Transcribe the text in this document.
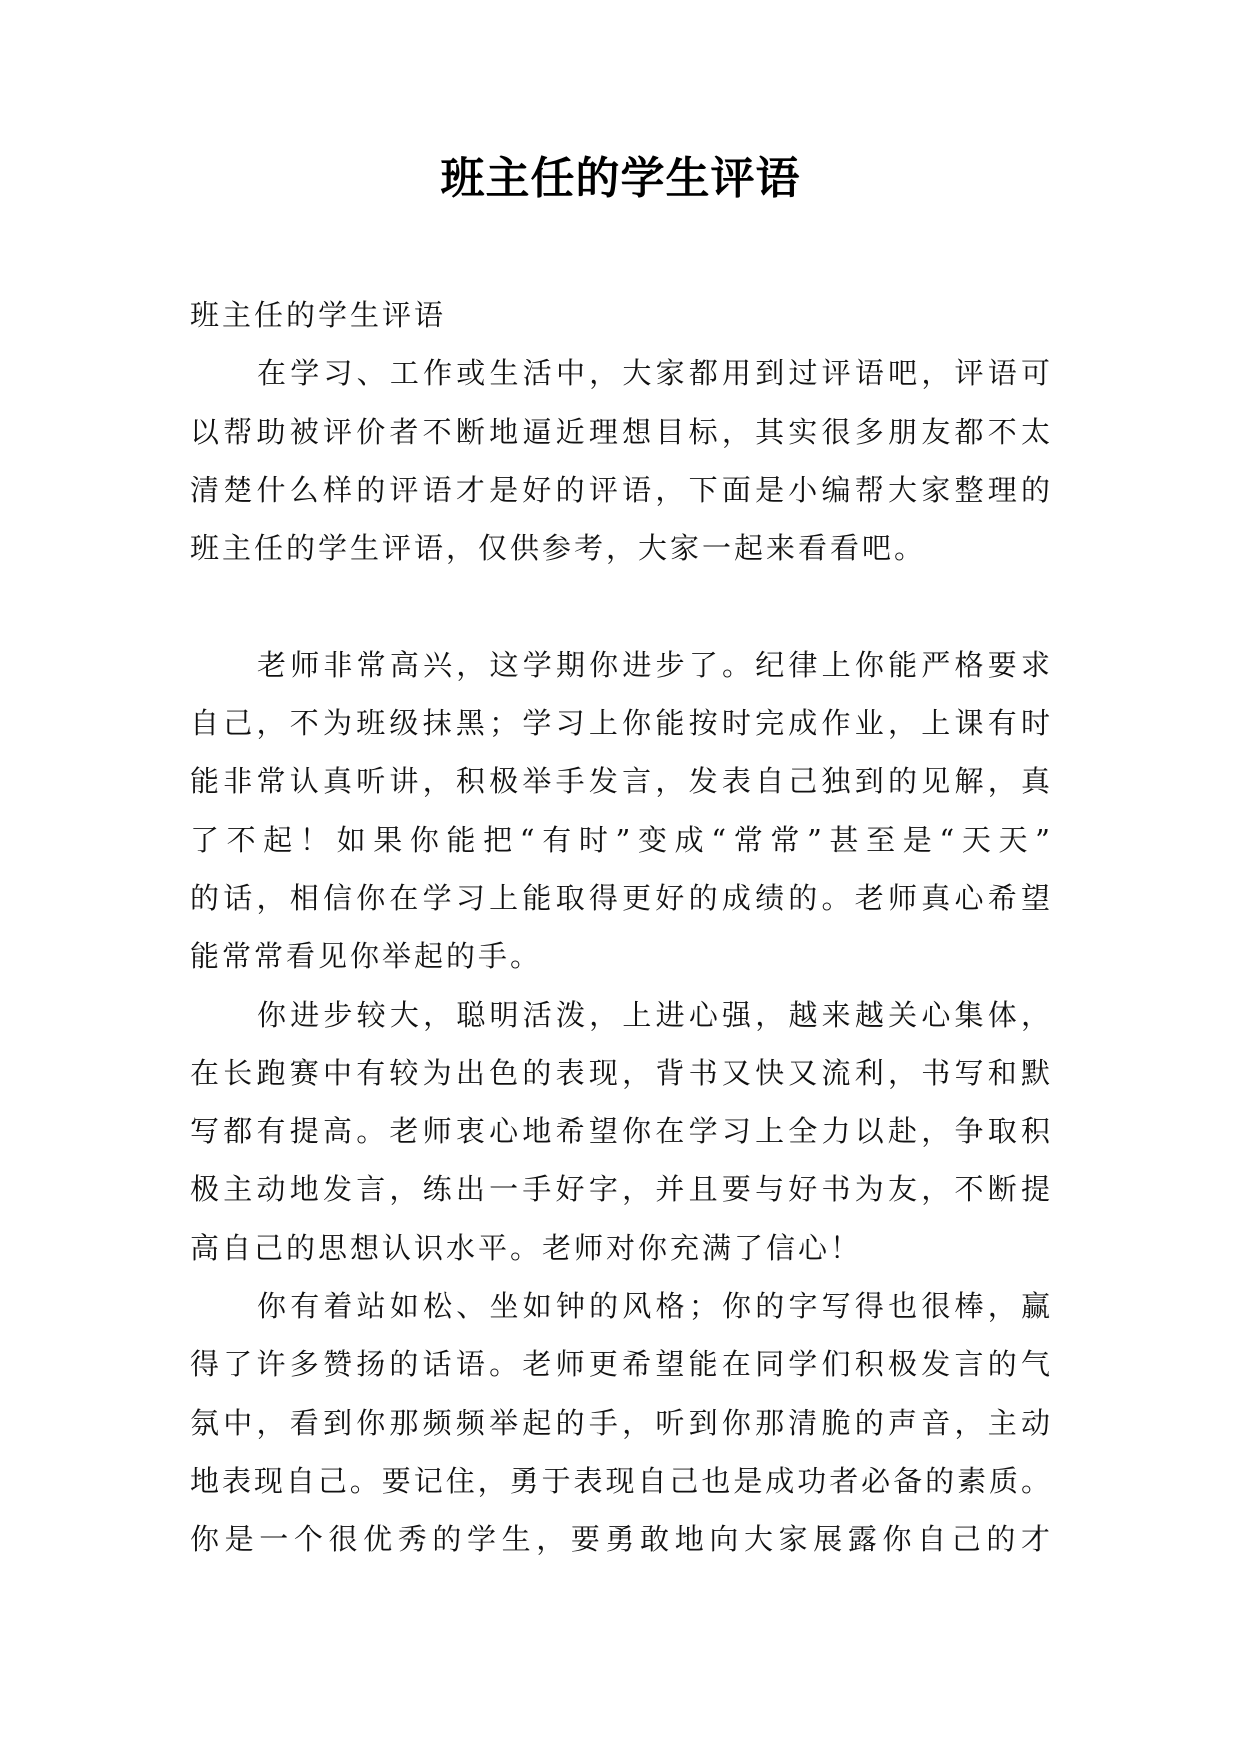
班主任的学生评语
班主任的学生评语
在学习、工作或生活中，大家都用到过评语吧，评语可
以帮助被评价者不断地逼近理想目标，其实很多朋友都不太
清楚什么样的评语才是好的评语，下面是小编帮大家整理的
班主任的学生评语，仅供参考，大家一起来看看吧。
老师非常高兴，这学期你进步了。纪律上你能严格要求
自己，不为班级抹黑；学习上你能按时完成作业，上课有时
能非常认真听讲，积极举手发言，发表自己独到的见解，真
了不起！如果你能把“有时”变成“常常”甚至是“天天”
的话，相信你在学习上能取得更好的成绩的。老师真心希望
能常常看见你举起的手。
你进步较大，聪明活泼，上进心强，越来越关心集体，
在长跑赛中有较为出色的表现，背书又快又流利，书写和默
写都有提高。老师衷心地希望你在学习上全力以赴，争取积
极主动地发言，练出一手好字，并且要与好书为友，不断提
高自己的思想认识水平。老师对你充满了信心！
你有着站如松、坐如钟的风格；你的字写得也很棒，赢
得了许多赞扬的话语。老师更希望能在同学们积极发言的气
氛中，看到你那频频举起的手，听到你那清脆的声音，主动
地表现自己。要记住，勇于表现自己也是成功者必备的素质。
你是一个很优秀的学生，要勇敢地向大家展露你自己的才
